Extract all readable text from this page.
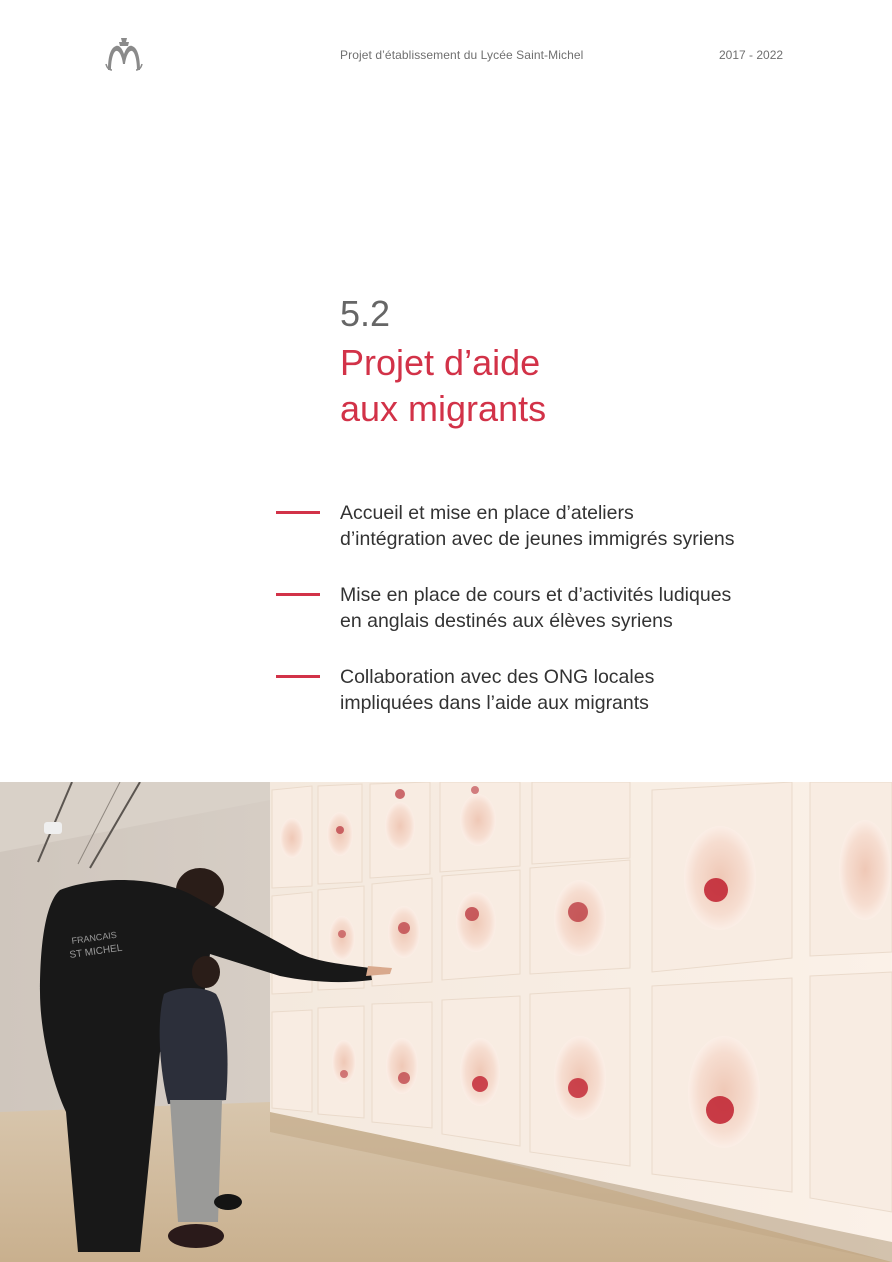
Projet d’établissement du Lycée Saint-Michel	2017 - 2022
5.2
Projet d’aide
aux migrants
Accueil et mise en place d’ateliers
d’intégration avec de jeunes immigrés syriens
Mise en place de cours et d’activités ludiques
en anglais destinés aux élèves syriens
Collaboration avec des ONG locales
impliquées dans l’aide aux migrants
FRANCAIS
ST MICHEL
